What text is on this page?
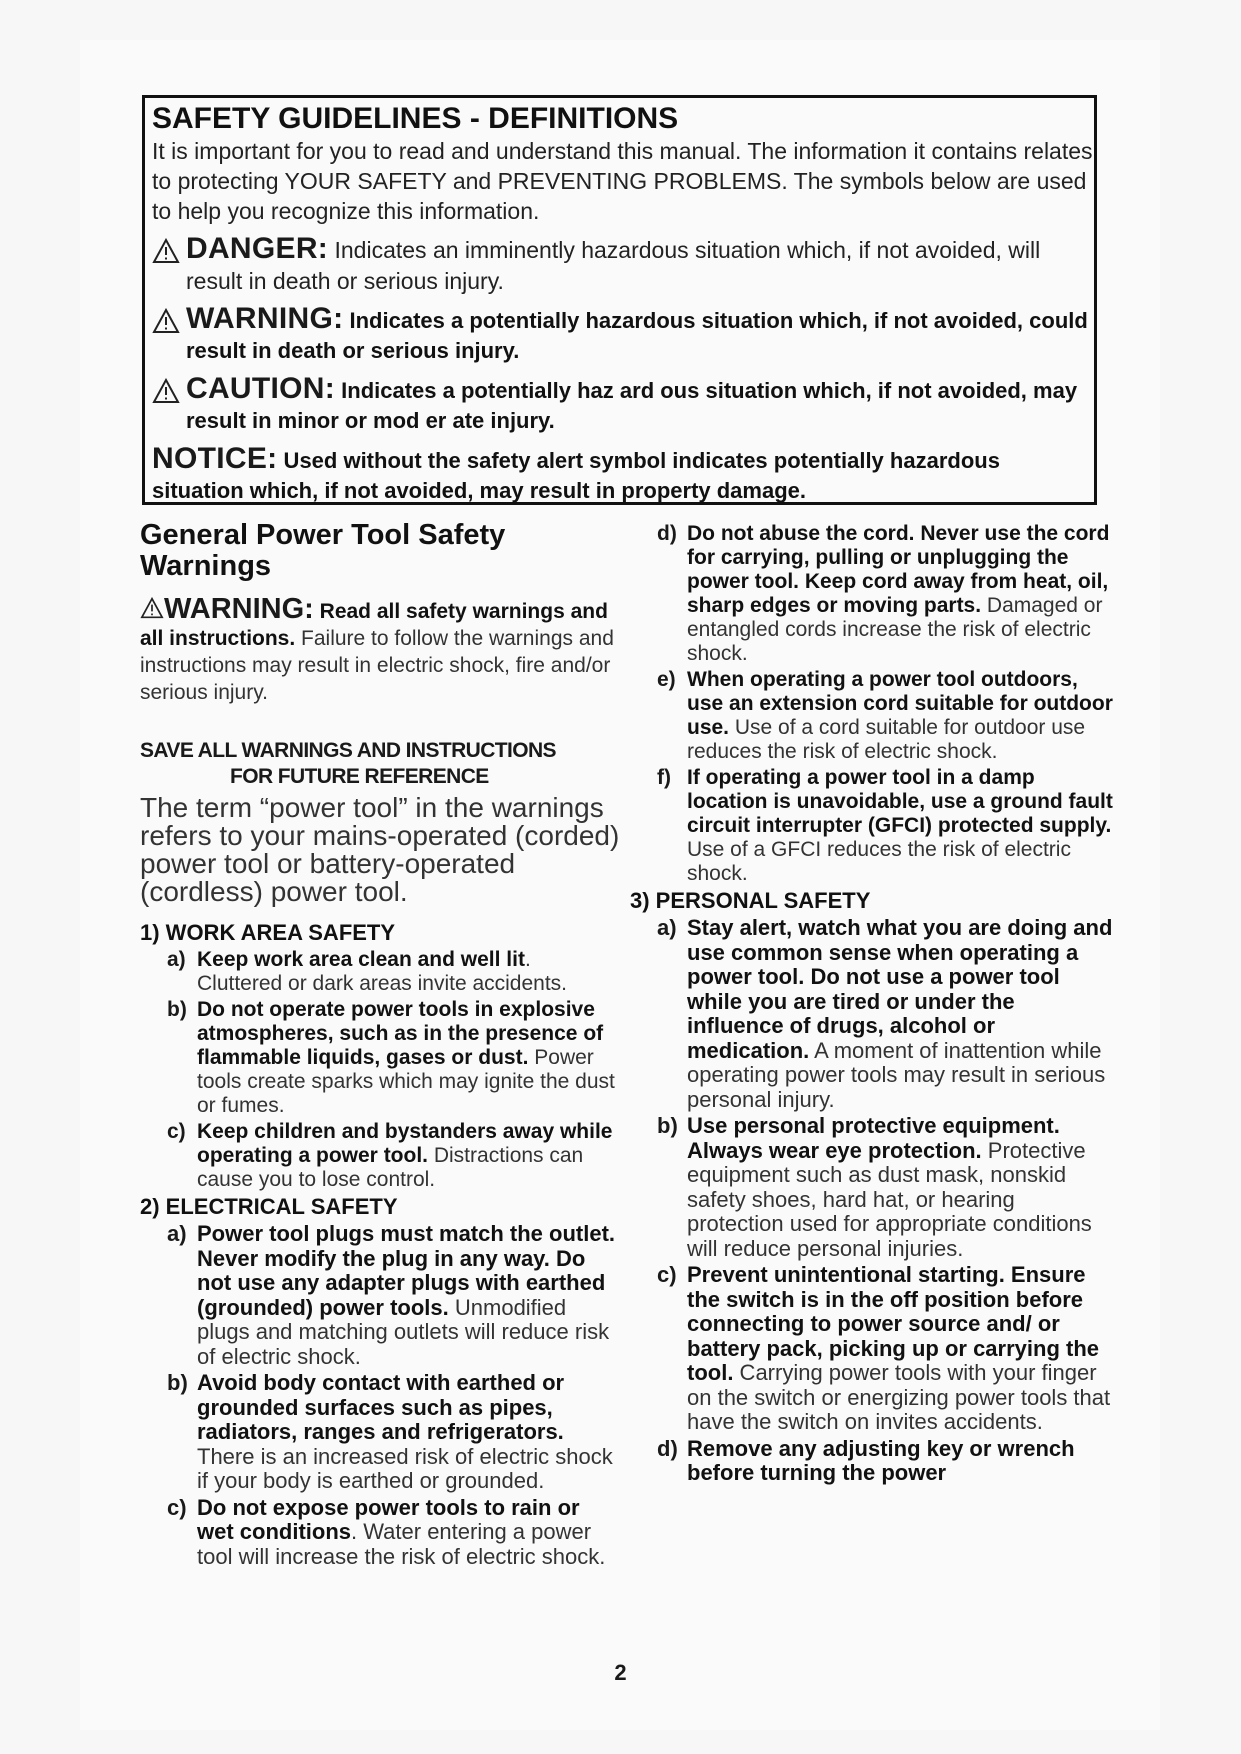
SAFETY GUIDELINES - DEFINITIONS

It is important for you to read and understand this manual. The information it contains relates to protecting YOUR SAFETY and PREVENTING PROBLEMS. The symbols below are used to help you recognize this information.

DANGER: Indicates an imminently hazardous situation which, if not avoided, will result in death or serious injury.
WARNING: Indicates a potentially hazardous situation which, if not avoided, could result in death or serious injury.
CAUTION: Indicates a potentially haz ard ous situation which, if not avoided, may result in minor or mod er ate injury.
NOTICE: Used without the safety alert symbol indicates potentially hazardous situation which, if not avoided, may result in property damage.

General Power Tool Safety Warnings

WARNING: Read all safety warnings and all instructions. Failure to follow the warnings and instructions may result in electric shock, fire and/or serious injury.

SAVE ALL WARNINGS AND INSTRUCTIONS
FOR FUTURE REFERENCE

The term “power tool” in the warnings refers to your mains-operated (corded) power tool or battery-operated (cordless) power tool.

1) WORK AREA SAFETY

a) Keep work area clean and well lit. Cluttered or dark areas invite accidents.
b) Do not operate power tools in explosive atmospheres, such as in the presence of flammable liquids, gases or dust. Power tools create sparks which may ignite the dust or fumes.
c) Keep children and bystanders away while operating a power tool. Distractions can cause you to lose control.

2) ELECTRICAL SAFETY

a) Power tool plugs must match the outlet. Never modify the plug in any way. Do not use any adapter plugs with earthed (grounded) power tools. Unmodified plugs and matching outlets will reduce risk of electric shock.
b) Avoid body contact with earthed or grounded surfaces such as pipes, radiators, ranges and refrigerators. There is an increased risk of electric shock if your body is earthed or grounded.
c) Do not expose power tools to rain or wet conditions. Water entering a power tool will increase the risk of electric shock.
d) Do not abuse the cord. Never use the cord for carrying, pulling or unplugging the power tool. Keep cord away from heat, oil, sharp edges or moving parts. Damaged or entangled cords increase the risk of electric shock.
e) When operating a power tool outdoors, use an extension cord suitable for outdoor use. Use of a cord suitable for outdoor use reduces the risk of electric shock.
f) If operating a power tool in a damp location is unavoidable, use a ground fault circuit interrupter (GFCI) protected supply. Use of a GFCI reduces the risk of electric shock.

3) PERSONAL SAFETY

a) Stay alert, watch what you are doing and use common sense when operating a power tool. Do not use a power tool while you are tired or under the influence of drugs, alcohol or medication. A moment of inattention while operating power tools may result in serious personal injury.
b) Use personal protective equipment. Always wear eye protection. Protective equipment such as dust mask, nonskid safety shoes, hard hat, or hearing protection used for appropriate conditions will reduce personal injuries.
c) Prevent unintentional starting. Ensure the switch is in the off position before connecting to power source and/ or battery pack, picking up or carrying the tool. Carrying power tools with your finger on the switch or energizing power tools that have the switch on invites accidents.
d) Remove any adjusting key or wrench before turning the power
2
